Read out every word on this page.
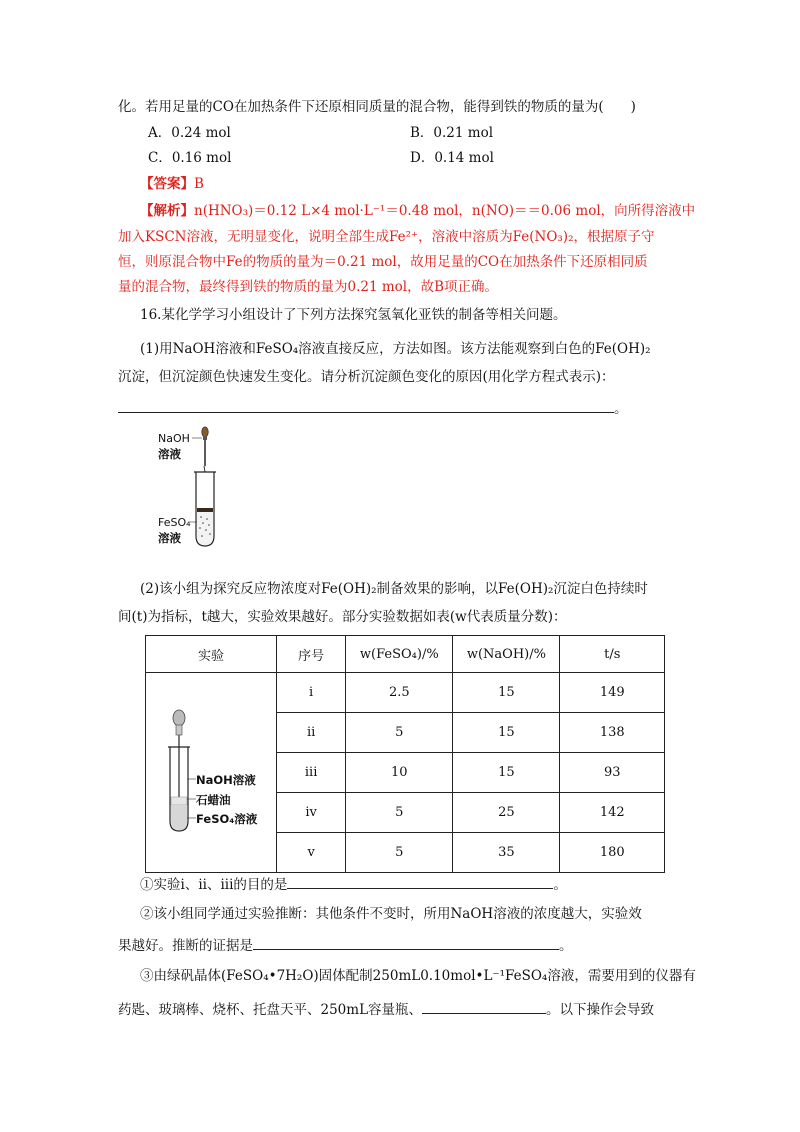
化。若用足量的CO在加热条件下还原相同质量的混合物，能得到铁的物质的量为(　　)
A．0.24 mol	B．0.21 mol
C．0.16 mol	D．0.14 mol
【答案】B
【解析】n(HNO₃)＝0.12 L×4 mol·L⁻¹＝0.48 mol，n(NO)＝＝0.06 mol，向所得溶液中
加入KSCN溶液，无明显变化，说明全部生成Fe²⁺，溶液中溶质为Fe(NO₃)₂，根据原子守
恒，则原混合物中Fe的物质的量为＝0.21 mol，故用足量的CO在加热条件下还原相同质
量的混合物，最终得到铁的物质的量为0.21 mol，故B项正确。
16.某化学学习小组设计了下列方法探究氢氧化亚铁的制备等相关问题。
(1)用NaOH溶液和FeSO₄溶液直接反应，方法如图。该方法能观察到白色的Fe(OH)₂
沉淀，但沉淀颜色快速发生变化。请分析沉淀颜色变化的原因(用化学方程式表示)：
。
NaOH
溶液
FeSO₄
溶液
(2)该小组为探究反应物浓度对Fe(OH)₂制备效果的影响，以Fe(OH)₂沉淀白色持续时
间(t)为指标，t越大，实验效果越好。部分实验数据如表(w代表质量分数)：
实验	序号	w(FeSO₄)/%	w(NaOH)/%	t/s

NaOH溶液
石蜡油
FeSO₄溶液	i	2.5	15	149
	ii	5	15	138
	iii	10	15	93
	iv	5	25	142
	v	5	35	180
①实验i、ii、iii的目的是	。
②该小组同学通过实验推断：其他条件不变时，所用NaOH溶液的浓度越大，实验效
果越好。推断的证据是	。
③由绿矾晶体(FeSO₄•7H₂O)固体配制250mL0.10mol•L⁻¹FeSO₄溶液，需要用到的仪器有
药匙、玻璃棒、烧杯、托盘天平、250mL容量瓶、	。以下操作会导致
